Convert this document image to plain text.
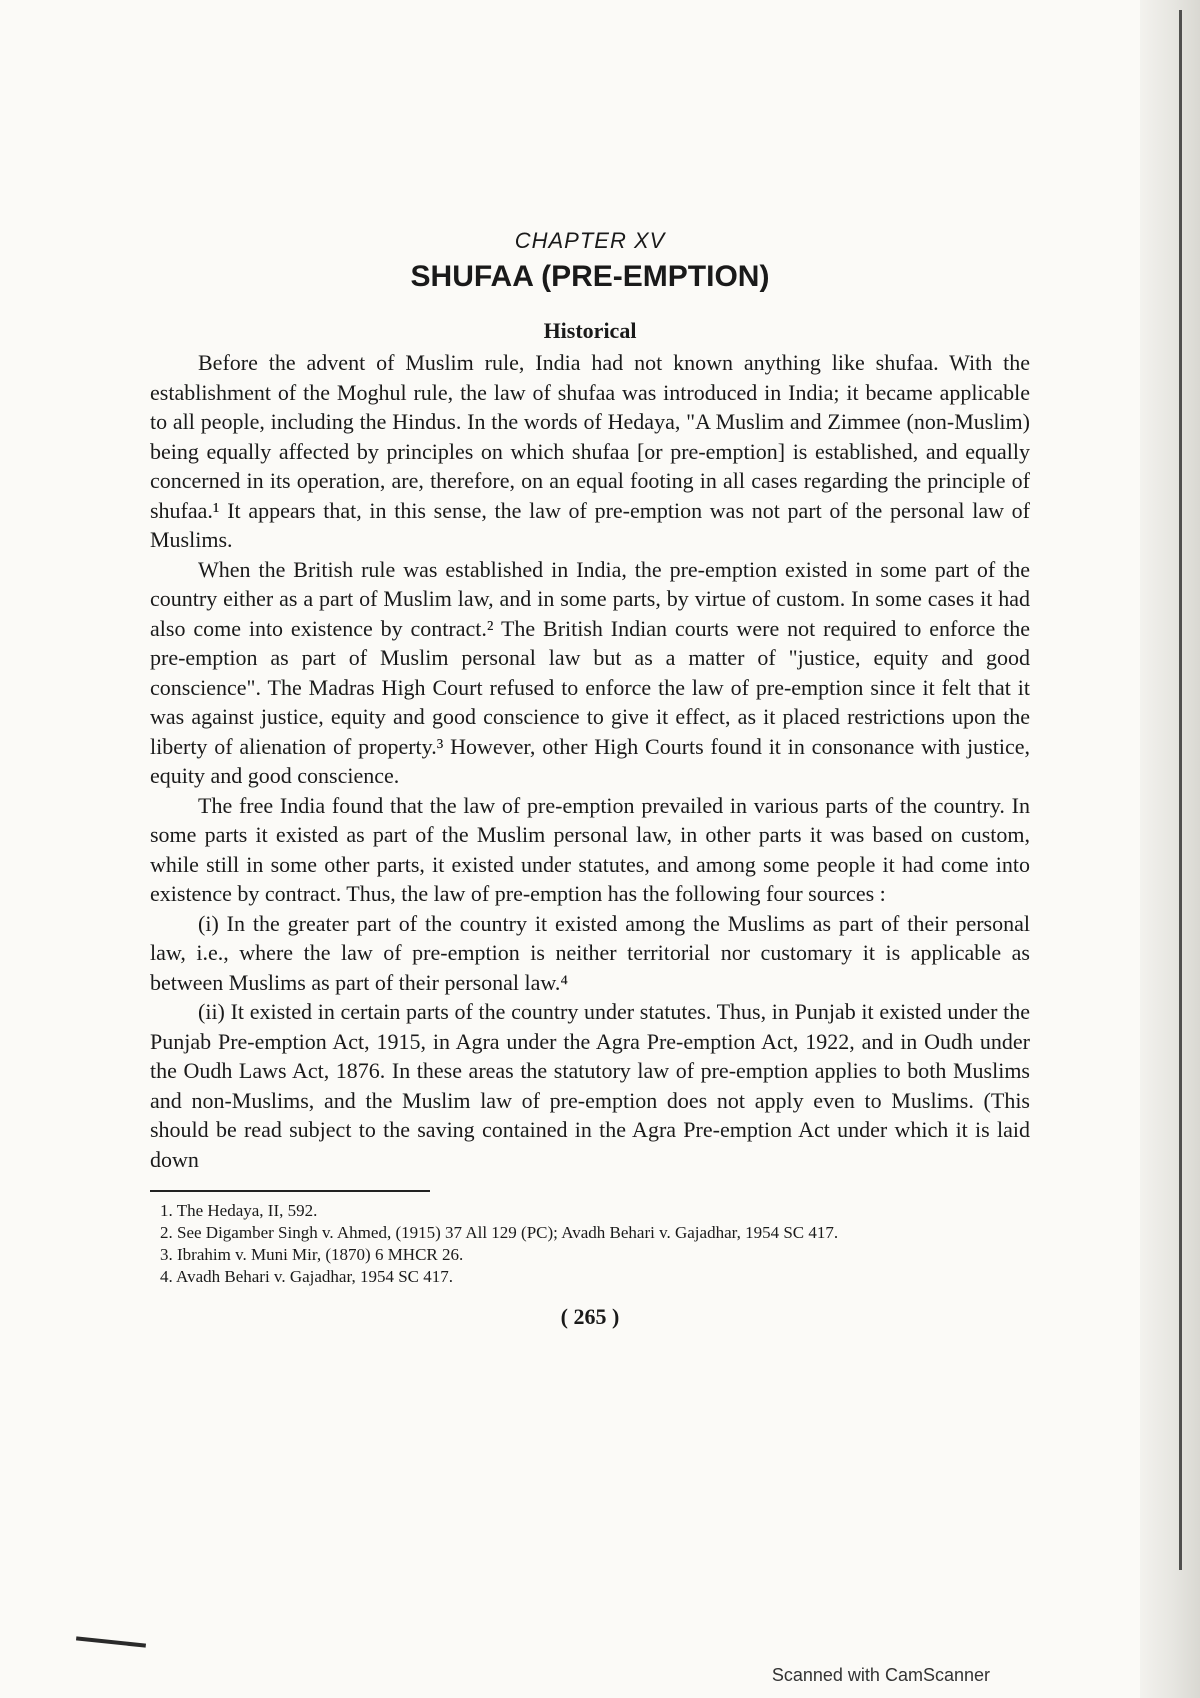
CHAPTER XV
SHUFAA (PRE-EMPTION)
Historical

Before the advent of Muslim rule, India had not known anything like shufaa. With the establishment of the Moghul rule, the law of shufaa was introduced in India; it became applicable to all people, including the Hindus. In the words of Hedaya, "A Muslim and Zimmee (non-Muslim) being equally affected by principles on which shufaa [or pre-emption] is established, and equally concerned in its operation, are, therefore, on an equal footing in all cases regarding the principle of shufaa.¹ It appears that, in this sense, the law of pre-emption was not part of the personal law of Muslims.

When the British rule was established in India, the pre-emption existed in some part of the country either as a part of Muslim law, and in some parts, by virtue of custom. In some cases it had also come into existence by contract.² The British Indian courts were not required to enforce the pre-emption as part of Muslim personal law but as a matter of "justice, equity and good conscience". The Madras High Court refused to enforce the law of pre-emption since it felt that it was against justice, equity and good conscience to give it effect, as it placed restrictions upon the liberty of alienation of property.³ However, other High Courts found it in consonance with justice, equity and good conscience.

The free India found that the law of pre-emption prevailed in various parts of the country. In some parts it existed as part of the Muslim personal law, in other parts it was based on custom, while still in some other parts, it existed under statutes, and among some people it had come into existence by contract. Thus, the law of pre-emption has the following four sources :

(i) In the greater part of the country it existed among the Muslims as part of their personal law, i.e., where the law of pre-emption is neither territorial nor customary it is applicable as between Muslims as part of their personal law.⁴

(ii) It existed in certain parts of the country under statutes. Thus, in Punjab it existed under the Punjab Pre-emption Act, 1915, in Agra under the Agra Pre-emption Act, 1922, and in Oudh under the Oudh Laws Act, 1876. In these areas the statutory law of pre-emption applies to both Muslims and non-Muslims, and the Muslim law of pre-emption does not apply even to Muslims. (This should be read subject to the saving contained in the Agra Pre-emption Act under which it is laid down

1. The Hedaya, II, 592.
2. See Digamber Singh v. Ahmed, (1915) 37 All 129 (PC); Avadh Behari v. Gajadhar, 1954 SC 417.
3. Ibrahim v. Muni Mir, (1870) 6 MHCR 26.
4. Avadh Behari v. Gajadhar, 1954 SC 417.
( 265 )
Scanned with CamScanner
